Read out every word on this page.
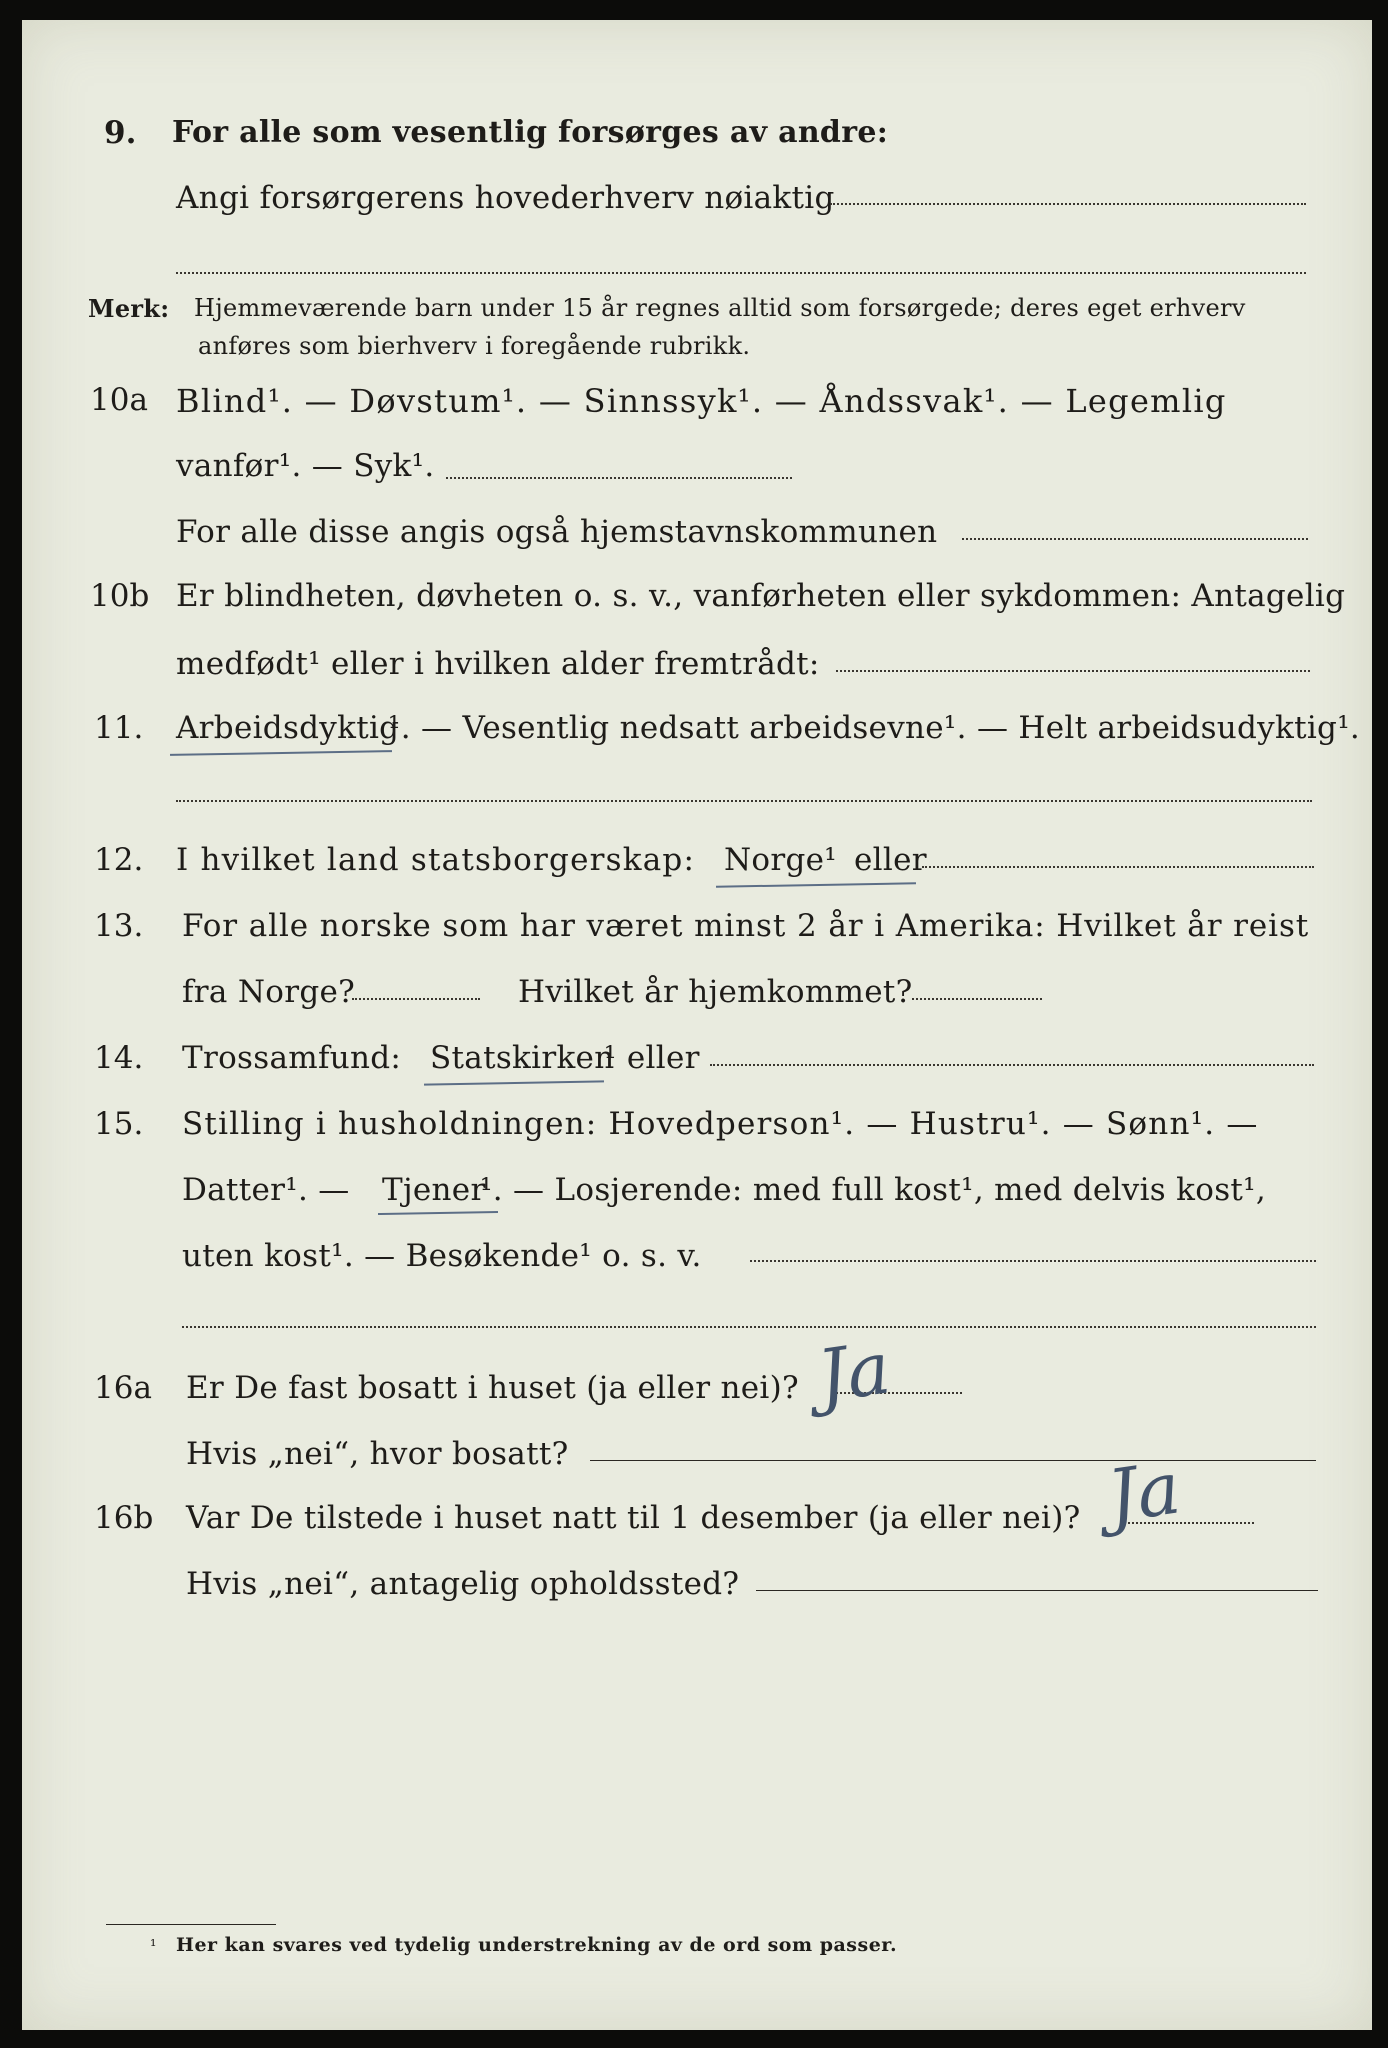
9. For alle som vesentlig forsørges av andre:
Angi forsørgerens hovederhverv nøiaktig
Merk: Hjemmeværende barn under 15 år regnes alltid som forsørgede; deres eget erhverv
anføres som bierhverv i foregående rubrikk.
10a Blind¹. — Døvstum¹. — Sinnssyk¹. — Åndssvak¹. — Legemlig
vanfør¹. — Syk¹.
For alle disse angis også hjemstavnskommunen
10b Er blindheten, døvheten o. s. v., vanførheten eller sykdommen: Antagelig
medfødt¹ eller i hvilken alder fremtrådt:
11. Arbeidsdyktig
¹. — Vesentlig nedsatt arbeidsevne¹. — Helt arbeidsudyktig¹.
12. I hvilket land statsborgerskap: Norge¹ eller
13. For alle norske som har været minst 2 år i Amerika: Hvilket år reist
fra Norge?	Hvilket år hjemkommet?
14. Trossamfund: Statskirken
¹ eller
15. Stilling i husholdningen: Hovedperson¹. — Hustru¹. — Sønn¹. —
Datter¹. — Tjener
¹. — Losjerende: med full kost¹, med delvis kost¹,
uten kost¹. — Besøkende¹ o. s. v.
16a Er De fast bosatt i huset (ja eller nei)? Ja
Hvis „nei“, hvor bosatt?
16b Var De tilstede i huset natt til 1 desember (ja eller nei)? Ja
Hvis „nei“, antagelig opholdssted?
¹ Her kan svares ved tydelig understrekning av de ord som passer.
